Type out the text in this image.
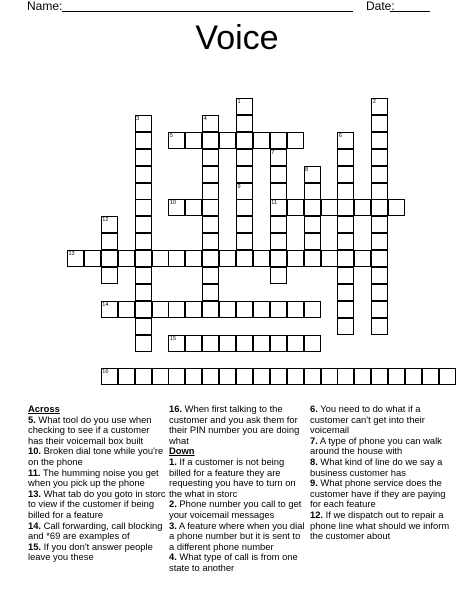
Name:	Date:
Voice
1	2
3	4
5	6
7
8
9
10	11
12
13
14
15
16
Across
5. What tool do you use when checking to see if a customer has their voicemail box built
10. Broken dial tone while you're on the phone
11. The humming noise you get when you pick up the phone
13. What tab do you goto in storc to view if the customer if being billed for a feature
14. Call forwarding, call blocking and *69 are examples of
15. If you don't answer people leave you these
16. When first talking to the customer and you ask them for their PIN number you are doing what
Down
1. If a customer is not being billed for a feature they are requesting you have to turn on the what in storc
2. Phone number you call to get your voicemail messages
3. A feature where when you dial a phone number but it is sent to a different phone number
4. What type of call is from one state to another
6. You need to do what if a customer can't get into their voicemail
7. A type of phone you can walk around the house with
8. What kind of line do we say a business customer has
9. What phone service does the customer have if they are paying for each feature
12. If we dispatch out to repair a phone line what should we inform the customer about
